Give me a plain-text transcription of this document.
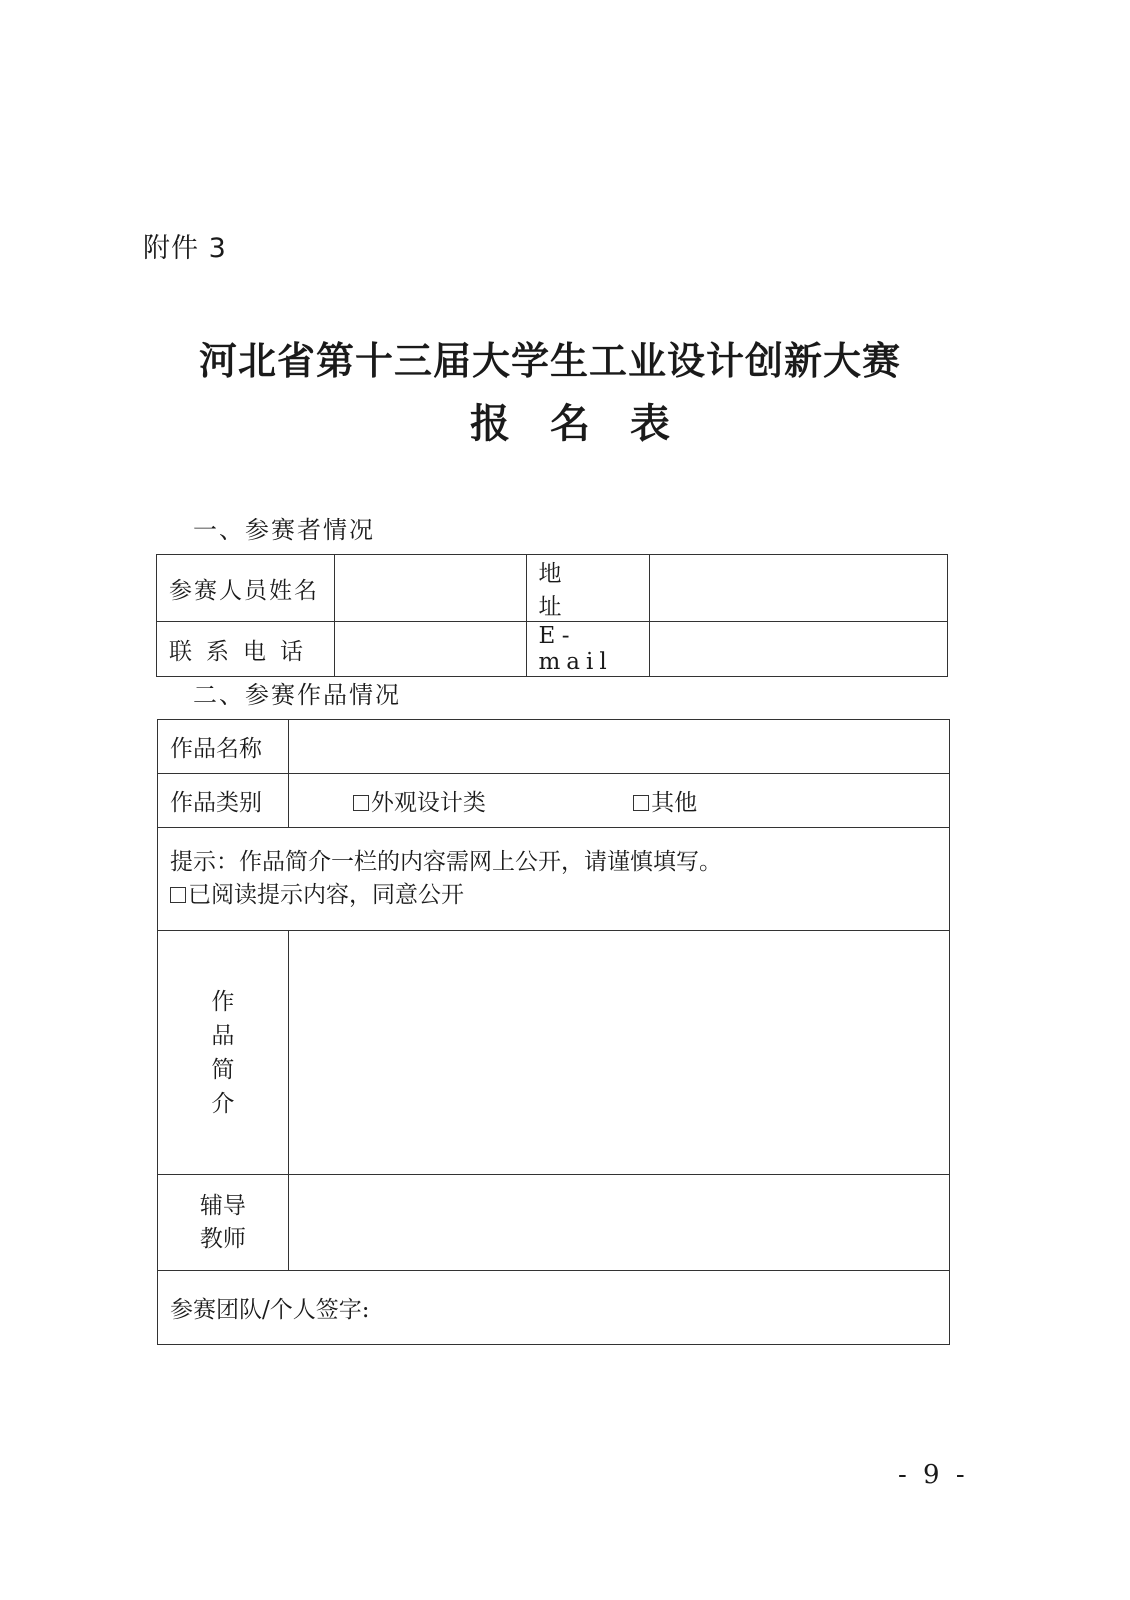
附件 3
河北省第十三届大学生工业设计创新大赛
报名表
一、参赛者情况
参赛人员姓名		地址	
联系电话		E-mail	
二、参赛作品情况
作品名称	
作品类别	外观设计类 其他

提示：作品简介一栏的内容需网上公开，请谨慎填写。
已阅读提示内容，同意公开	

作
品
简
介	

辅导
教师	

参赛团队/个人签字:	
- 9 -
